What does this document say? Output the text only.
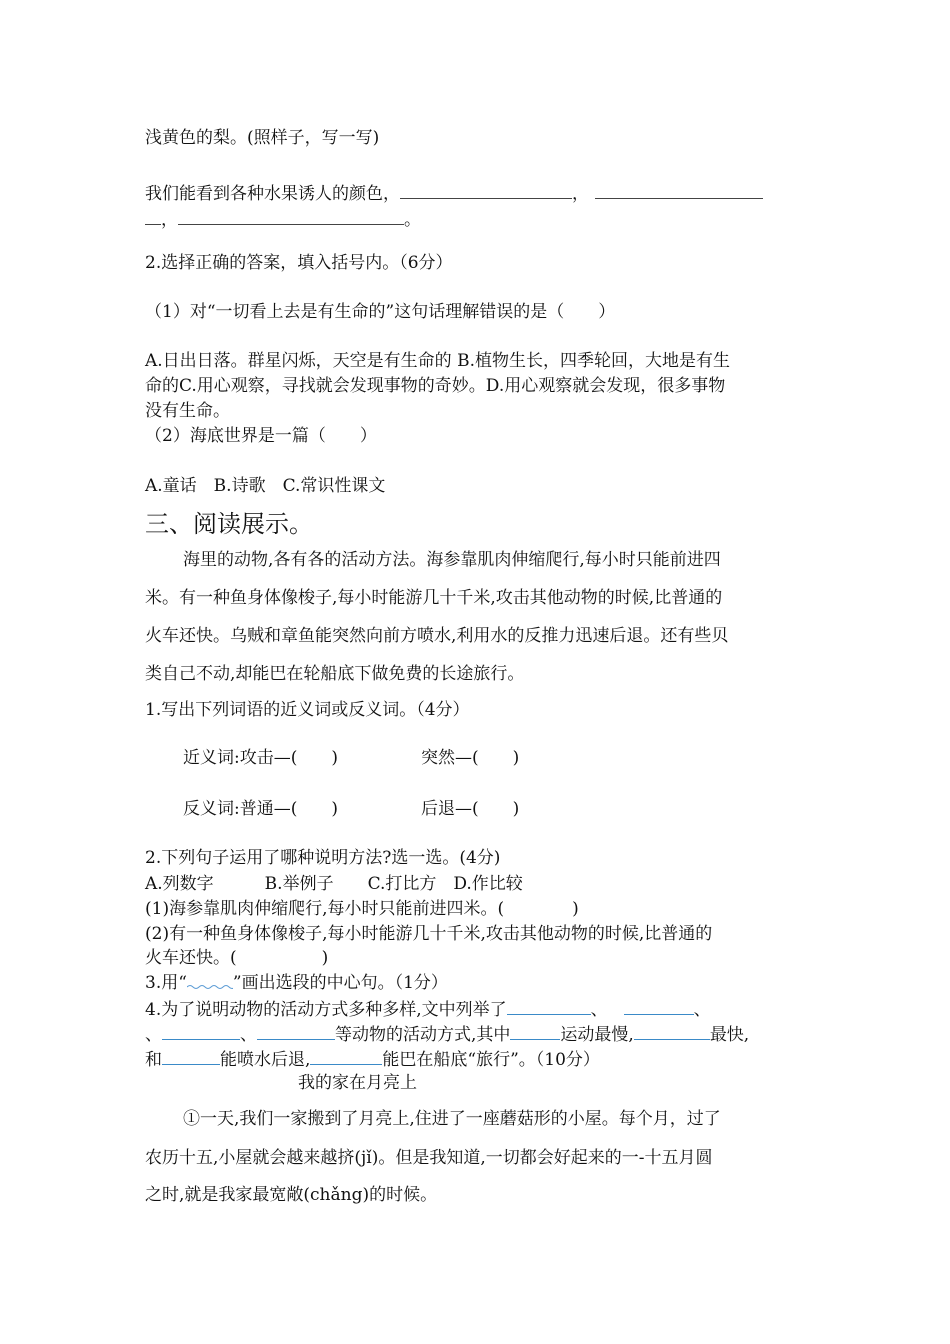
浅黄色的梨。(照样子，写一写)
我们能看到各种水果诱人的颜色，	，
，	。
2.选择正确的答案，填入括号内。（6分）
（1）对“一切看上去是有生命的”这句话理解错误的是（　　）
A.日出日落。群星闪烁，天空是有生命的 B.植物生长，四季轮回，大地是有生
命的C.用心观察，寻找就会发现事物的奇妙。D.用心观察就会发现，很多事物
没有生命。
（2）海底世界是一篇（　　）
A.童话　B.诗歌　C.常识性课文
三、阅读展示。
海里的动物,各有各的活动方法。海参靠肌肉伸缩爬行,每小时只能前进四
米。有一种鱼身体像梭子,每小时能游几十千米,攻击其他动物的时候,比普通的
火车还快。乌贼和章鱼能突然向前方喷水,利用水的反推力迅速后退。还有些贝
类自己不动,却能巴在轮船底下做免费的长途旅行。
1.写出下列词语的近义词或反义词。（4分）
近义词:攻击—(　　)	突然—(　　)
反义词:普通—(　　)	后退—(　　)
2.下列句子运用了哪种说明方法?选一选。(4分)
A.列数字　　　B.举例子　　C.打比方　D.作比较
(1)海参靠肌肉伸缩爬行,每小时只能前进四米。(　　　　)
(2)有一种鱼身体像梭子,每小时能游几十千米,攻击其他动物的时候,比普通的
火车还快。(　　　　　)
3.用“	”画出选段的中心句。（1分）
4.为了说明动物的活动方式多种多样,文中列举了	、	、
、	、	等动物的活动方式,其中	运动最慢,	最快,
和	能喷水后退,	能巴在船底“旅行”。（10分）
我的家在月亮上
①一天,我们一家搬到了月亮上,住进了一座蘑菇形的小屋。每个月，过了
农历十五,小屋就会越来越挤(jǐ)。但是我知道,一切都会好起来的一-十五月圆
之时,就是我家最宽敞(chǎng)的时候。
